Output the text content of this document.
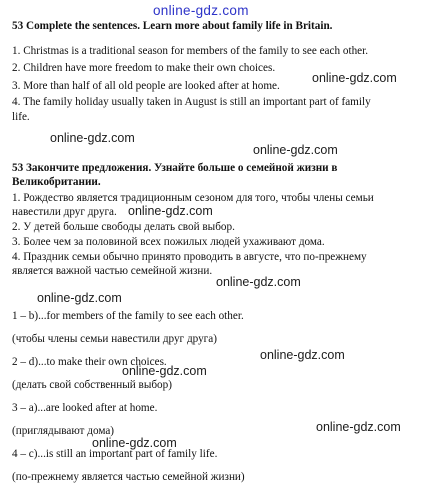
53 Complete the sentences. Learn more about family life in Britain.
1. Christmas is a traditional season for members of the family to see each other.
2. Children have more freedom to make their own choices.
3. More than half of all old people are looked after at home.
4. The family holiday usually taken in August is still an important part of family
life.
53 Закончите предложения. Узнайте больше о семейной жизни в
Великобритании.
1. Рождество является традиционным сезоном для того, чтобы члены семьи
навестили друг друга.
2. У детей больше свободы делать свой выбор.
3. Более чем за половиной всех пожилых людей ухаживают дома.
4. Праздник семьи обычно принято проводить в августе, что по-прежнему
является важной частью семейной жизни.
1 – b)...for members of the family to see each other.
(чтобы члены семьи навестили друг друга)
2 – d)...to make their own choices.
(делать свой собственный выбор)
3 – a)...are looked after at home.
(приглядывают дома)
4 – c)...is still an important part of family life.
(по-прежнему является частью семейной жизни)
online-gdz.com
online-gdz.com
online-gdz.com
online-gdz.com
online-gdz.com
online-gdz.com
online-gdz.com
online-gdz.com
online-gdz.com
online-gdz.com
online-gdz.com
